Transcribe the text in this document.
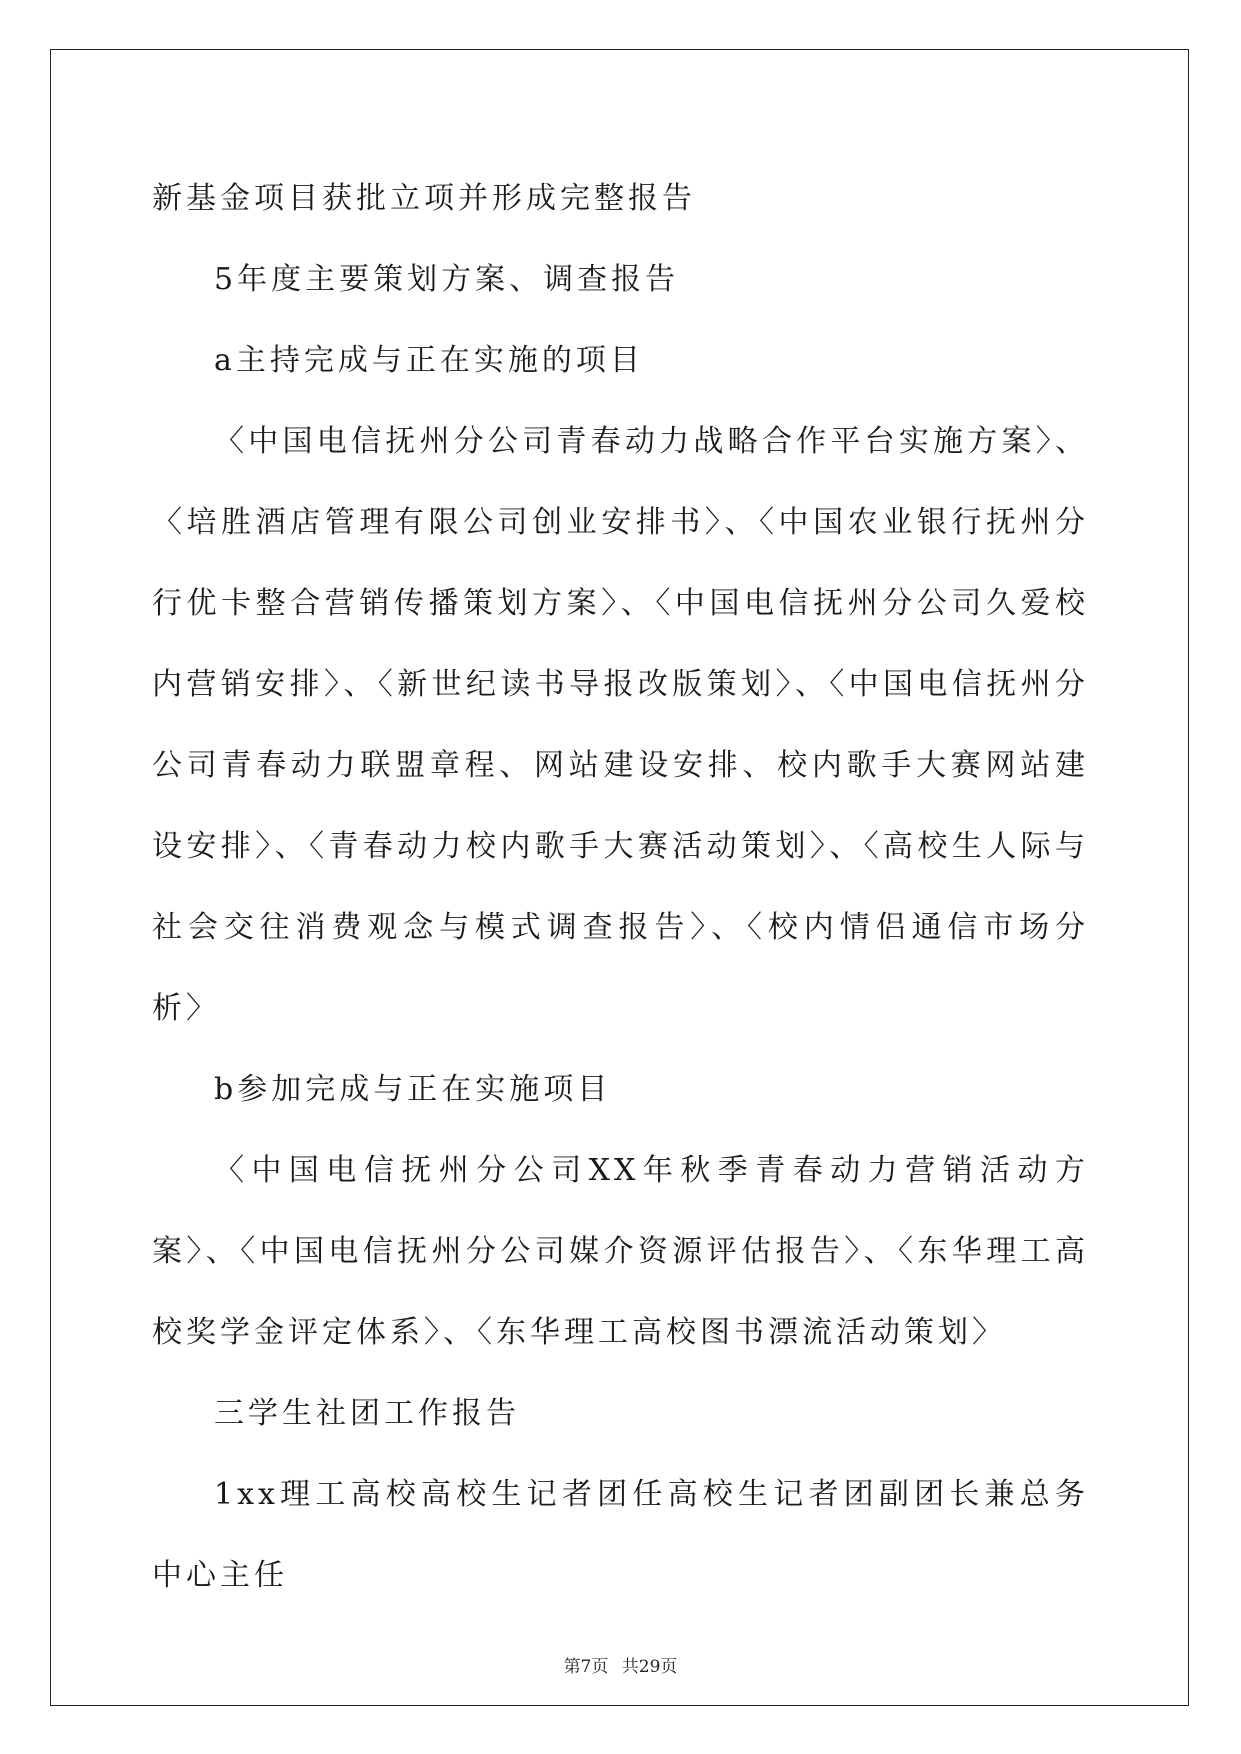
新基金项目获批立项并形成完整报告

5年度主要策划方案、调查报告

a主持完成与正在实施的项目

〈中国电信抚州分公司青春动力战略合作平台实施方案〉、〈培胜酒店管理有限公司创业安排书〉、〈中国农业银行抚州分行优卡整合营销传播策划方案〉、〈中国电信抚州分公司久爱校内营销安排〉、〈新世纪读书导报改版策划〉、〈中国电信抚州分公司青春动力联盟章程、网站建设安排、校内歌手大赛网站建设安排〉、〈青春动力校内歌手大赛活动策划〉、〈高校生人际与社会交往消费观念与模式调查报告〉、〈校内情侣通信市场分析〉

b参加完成与正在实施项目

〈中国电信抚州分公司XX年秋季青春动力营销活动方案〉、〈中国电信抚州分公司媒介资源评估报告〉、〈东华理工高校奖学金评定体系〉、〈东华理工高校图书漂流活动策划〉

三学生社团工作报告

1xx理工高校高校生记者团任高校生记者团副团长兼总务中心主任

第7页 共29页
